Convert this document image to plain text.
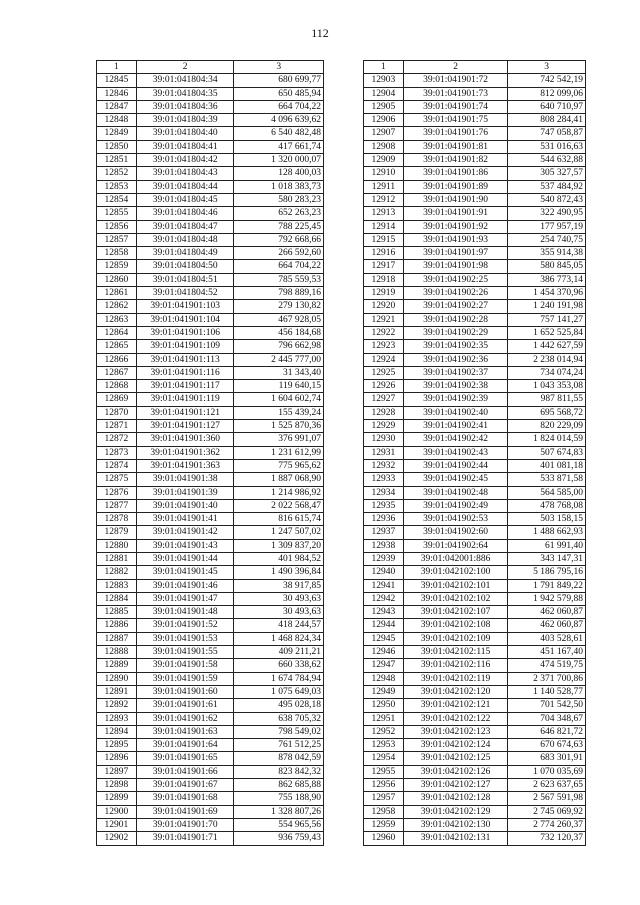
112
1	2	3
12845	39:01:041804:34	680 699,77
12846	39:01:041804:35	650 485,94
12847	39:01:041804:36	664 704,22
12848	39:01:041804:39	4 096 639,62
12849	39:01:041804:40	6 540 482,48
12850	39:01:041804:41	417 661,74
12851	39:01:041804:42	1 320 000,07
12852	39:01:041804:43	128 400,03
12853	39:01:041804:44	1 018 383,73
12854	39:01:041804:45	580 283,23
12855	39:01:041804:46	652 263,23
12856	39:01:041804:47	788 225,45
12857	39:01:041804:48	792 668,66
12858	39:01:041804:49	266 592,60
12859	39:01:041804:50	664 704,22
12860	39:01:041804:51	785 559,53
12861	39:01:041804:52	798 889,16
12862	39:01:041901:103	279 130,82
12863	39:01:041901:104	467 928,05
12864	39:01:041901:106	456 184,68
12865	39:01:041901:109	796 662,98
12866	39:01:041901:113	2 445 777,00
12867	39:01:041901:116	31 343,40
12868	39:01:041901:117	119 640,15
12869	39:01:041901:119	1 604 602,74
12870	39:01:041901:121	155 439,24
12871	39:01:041901:127	1 525 870,36
12872	39:01:041901:360	376 991,07
12873	39:01:041901:362	1 231 612,99
12874	39:01:041901:363	775 965,62
12875	39:01:041901:38	1 887 068,90
12876	39:01:041901:39	1 214 986,92
12877	39:01:041901:40	2 022 568,47
12878	39:01:041901:41	816 615,74
12879	39:01:041901:42	1 247 507,02
12880	39:01:041901:43	1 309 837,20
12881	39:01:041901:44	401 984,52
12882	39:01:041901:45	1 490 396,84
12883	39:01:041901:46	38 917,85
12884	39:01:041901:47	30 493,63
12885	39:01:041901:48	30 493,63
12886	39:01:041901:52	418 244,57
12887	39:01:041901:53	1 468 824,34
12888	39:01:041901:55	409 211,21
12889	39:01:041901:58	660 338,62
12890	39:01:041901:59	1 674 784,94
12891	39:01:041901:60	1 075 649,03
12892	39:01:041901:61	495 028,18
12893	39:01:041901:62	638 705,32
12894	39:01:041901:63	798 549,02
12895	39:01:041901:64	761 512,25
12896	39:01:041901:65	878 042,59
12897	39:01:041901:66	823 842,32
12898	39:01:041901:67	862 685,88
12899	39:01:041901:68	755 188,90
12900	39:01:041901:69	1 328 807,26
12901	39:01:041901:70	554 965,56
12902	39:01:041901:71	936 759,43
1	2	3
12903	39:01:041901:72	742 542,19
12904	39:01:041901:73	812 099,06
12905	39:01:041901:74	640 710,97
12906	39:01:041901:75	808 284,41
12907	39:01:041901:76	747 058,87
12908	39:01:041901:81	531 016,63
12909	39:01:041901:82	544 632,88
12910	39:01:041901:86	305 327,57
12911	39:01:041901:89	537 484,92
12912	39:01:041901:90	540 872,43
12913	39:01:041901:91	322 490,95
12914	39:01:041901:92	177 957,19
12915	39:01:041901:93	254 740,75
12916	39:01:041901:97	355 914,38
12917	39:01:041901:98	580 845,05
12918	39:01:041902:25	386 773,14
12919	39:01:041902:26	1 454 370,96
12920	39:01:041902:27	1 240 191,98
12921	39:01:041902:28	757 141,27
12922	39:01:041902:29	1 652 525,84
12923	39:01:041902:35	1 442 627,59
12924	39:01:041902:36	2 238 014,94
12925	39:01:041902:37	734 074,24
12926	39:01:041902:38	1 043 353,08
12927	39:01:041902:39	987 811,55
12928	39:01:041902:40	695 568,72
12929	39:01:041902:41	820 229,09
12930	39:01:041902:42	1 824 014,59
12931	39:01:041902:43	507 674,83
12932	39:01:041902:44	401 081,18
12933	39:01:041902:45	533 871,58
12934	39:01:041902:48	564 585,00
12935	39:01:041902:49	478 768,08
12936	39:01:041902:53	503 158,15
12937	39:01:041902:60	1 488 662,93
12938	39:01:041902:64	61 991,40
12939	39:01:042001:886	343 147,31
12940	39:01:042102:100	5 186 795,16
12941	39:01:042102:101	1 791 849,22
12942	39:01:042102:102	1 942 579,88
12943	39:01:042102:107	462 060,87
12944	39:01:042102:108	462 060,87
12945	39:01:042102:109	403 528,61
12946	39:01:042102:115	451 167,40
12947	39:01:042102:116	474 519,75
12948	39:01:042102:119	2 371 700,86
12949	39:01:042102:120	1 140 528,77
12950	39:01:042102:121	701 542,50
12951	39:01:042102:122	704 348,67
12952	39:01:042102:123	646 821,72
12953	39:01:042102:124	670 674,63
12954	39:01:042102:125	683 301,91
12955	39:01:042102:126	1 070 035,69
12956	39:01:042102:127	2 623 637,65
12957	39:01:042102:128	2 567 591,98
12958	39:01:042102:129	2 745 069,92
12959	39:01:042102:130	2 774 260,37
12960	39:01:042102:131	732 120,37
